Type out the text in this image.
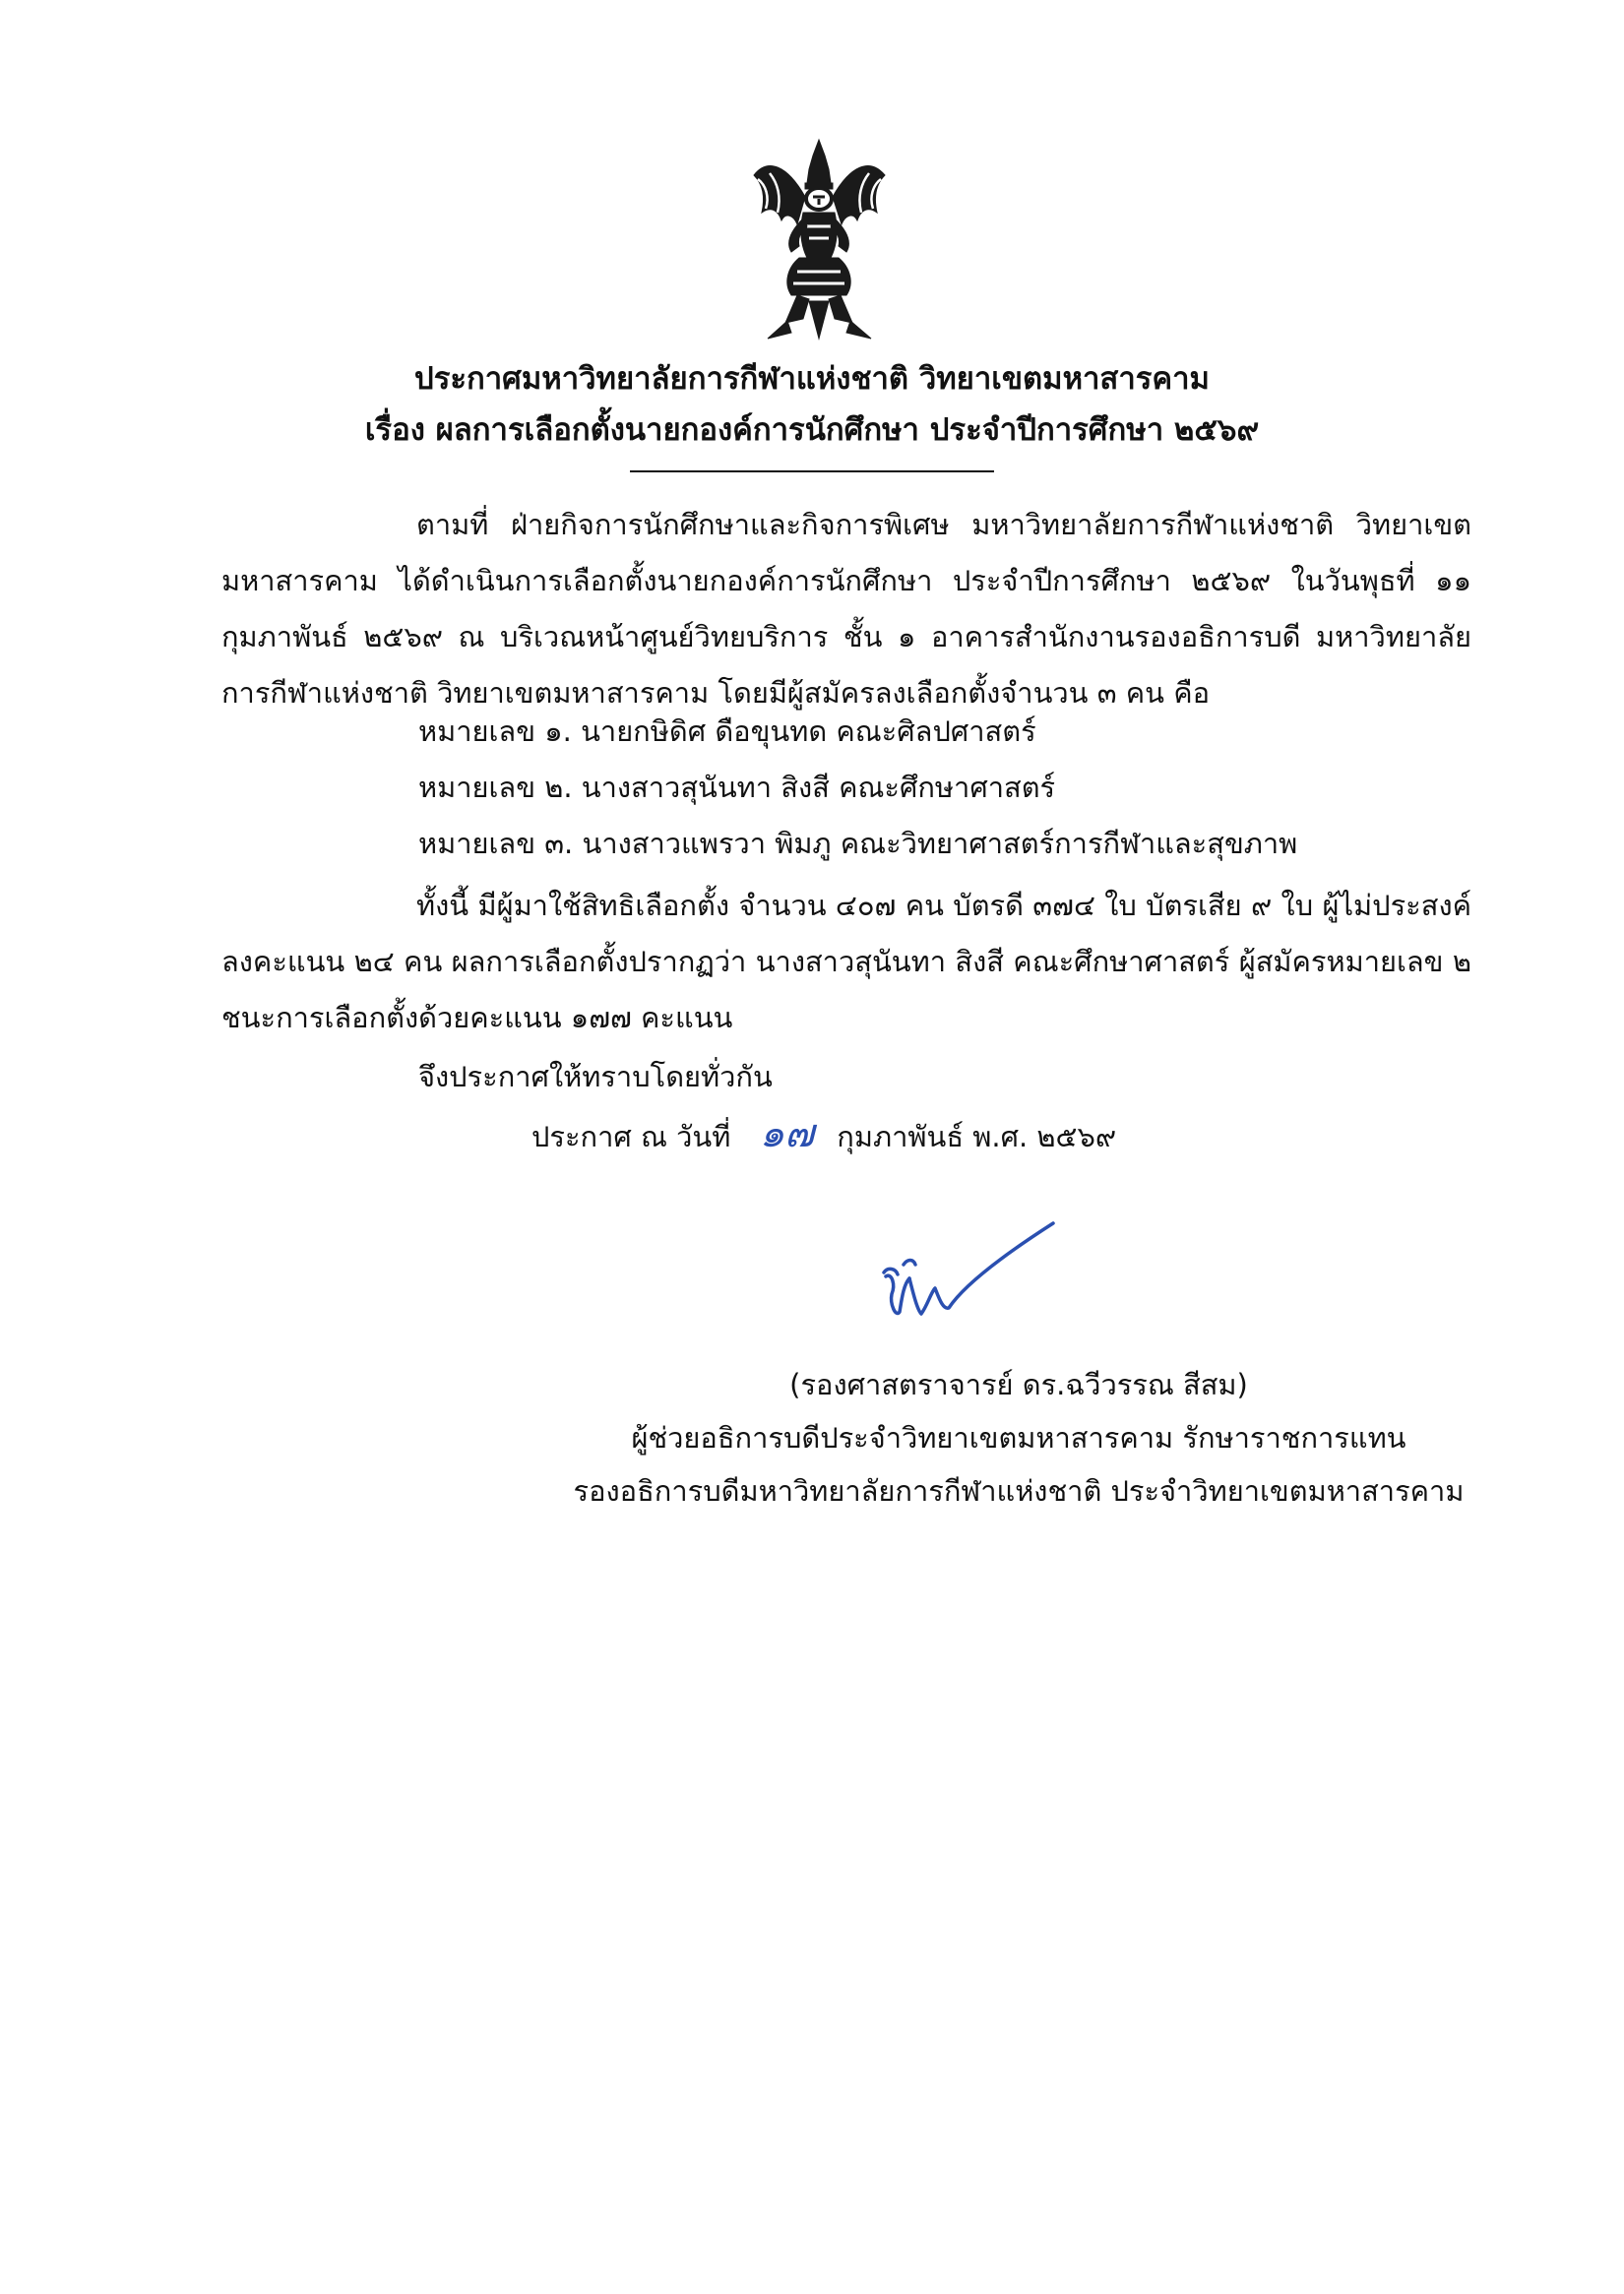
ประกาศมหาวิทยาลัยการกีฬาแห่งชาติ วิทยาเขตมหาสารคาม
เรื่อง ผลการเลือกตั้งนายกองค์การนักศึกษา ประจำปีการศึกษา ๒๕๖๙
ตามที่ ฝ่ายกิจการนักศึกษาและกิจการพิเศษ มหาวิทยาลัยการกีฬาแห่งชาติ วิทยาเขต
มหาสารคาม ได้ดำเนินการเลือกตั้งนายกองค์การนักศึกษา ประจำปีการศึกษา ๒๕๖๙ ในวันพุธที่ ๑๑
กุมภาพันธ์ ๒๕๖๙ ณ บริเวณหน้าศูนย์วิทยบริการ ชั้น ๑ อาคารสำนักงานรองอธิการบดี มหาวิทยาลัย
การกีฬาแห่งชาติ วิทยาเขตมหาสารคาม โดยมีผู้สมัครลงเลือกตั้งจำนวน ๓ คน คือ
หมายเลข ๑. นายกษิดิศ ดือขุนทด คณะศิลปศาสตร์
หมายเลข ๒. นางสาวสุนันทา สิงสี คณะศึกษาศาสตร์
หมายเลข ๓. นางสาวแพรวา พิมภู คณะวิทยาศาสตร์การกีฬาและสุขภาพ
ทั้งนี้ มีผู้มาใช้สิทธิเลือกตั้ง จำนวน ๔๐๗ คน บัตรดี ๓๗๔ ใบ บัตรเสีย ๙ ใบ ผู้ไม่ประสงค์
ลงคะแนน ๒๔ คน ผลการเลือกตั้งปรากฏว่า นางสาวสุนันทา สิงสี คณะศึกษาศาสตร์ ผู้สมัครหมายเลข ๒
ชนะการเลือกตั้งด้วยคะแนน ๑๗๗ คะแนน
จึงประกาศให้ทราบโดยทั่วกัน
ประกาศ ณ วันที่ ๑๗ กุมภาพันธ์ พ.ศ. ๒๕๖๙
(รองศาสตราจารย์ ดร.ฉวีวรรณ สีสม)
ผู้ช่วยอธิการบดีประจำวิทยาเขตมหาสารคาม รักษาราชการแทน
รองอธิการบดีมหาวิทยาลัยการกีฬาแห่งชาติ ประจำวิทยาเขตมหาสารคาม
